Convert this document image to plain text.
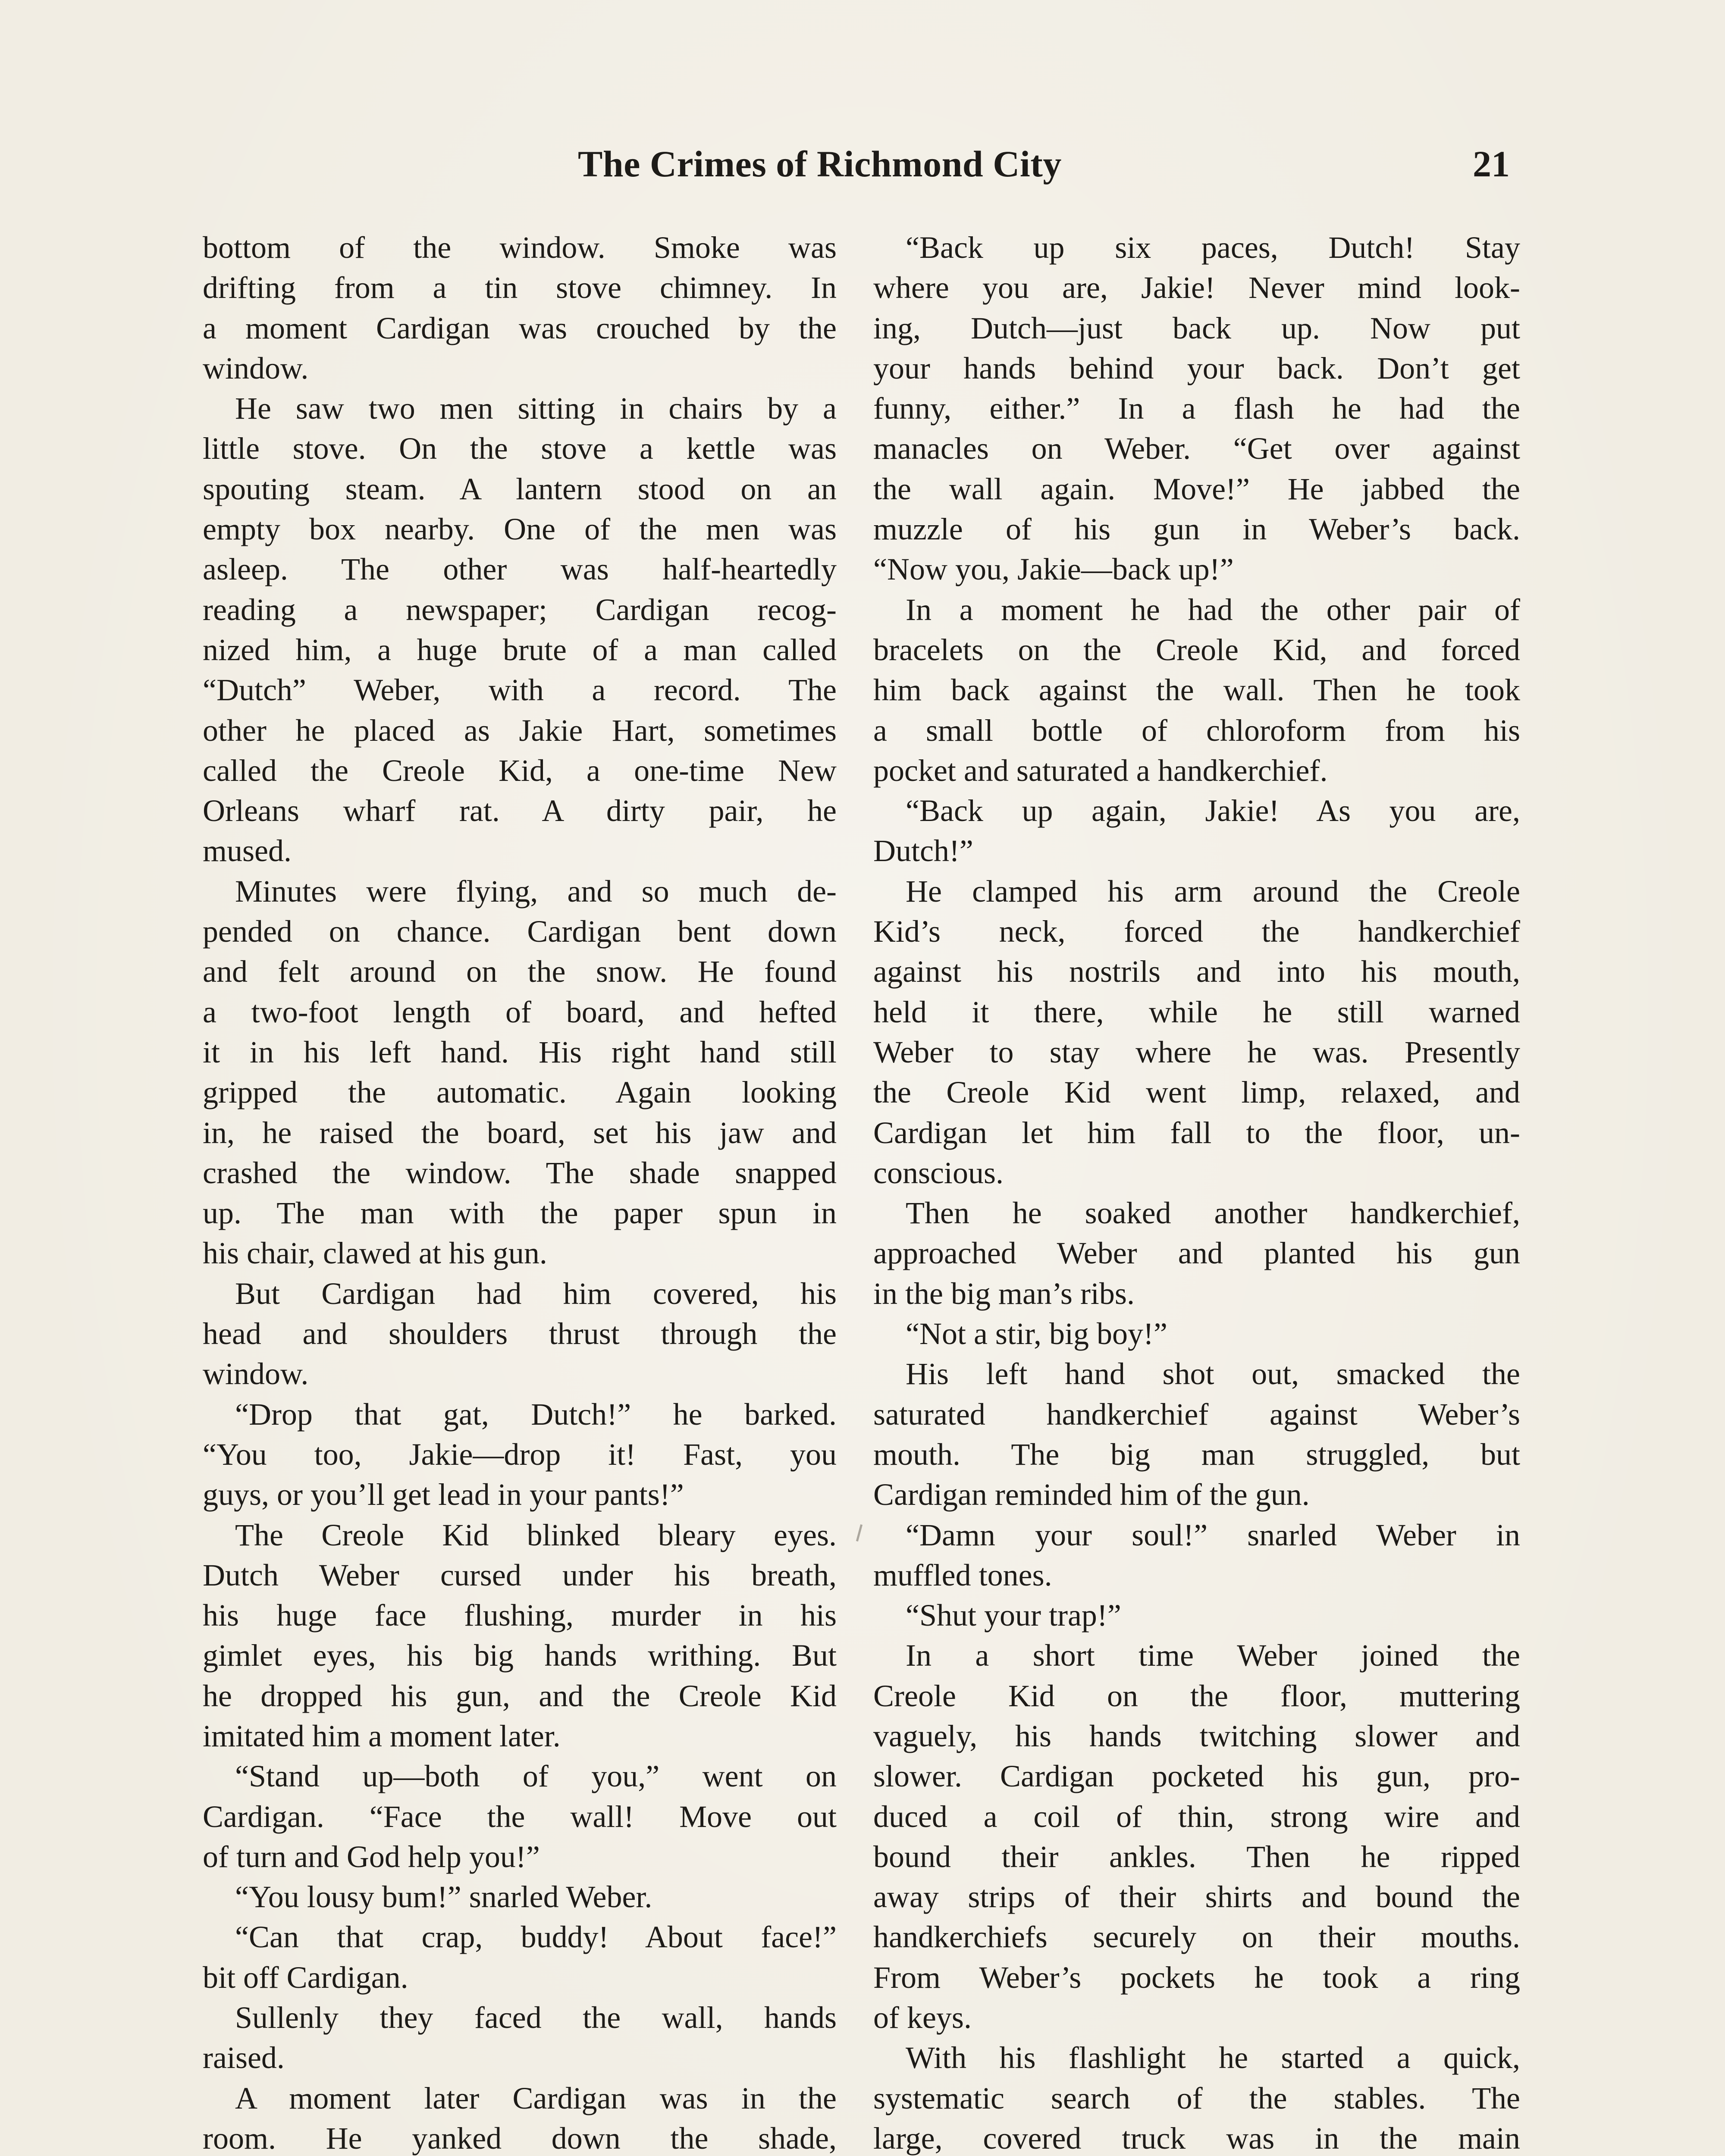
The Crimes of Richmond City	21
bottom of the window. Smoke was
drifting from a tin stove chimney. In
a moment Cardigan was crouched by the
window.
He saw two men sitting in chairs by a
little stove. On the stove a kettle was
spouting steam. A lantern stood on an
empty box nearby. One of the men was
asleep. The other was half-heartedly
reading a newspaper; Cardigan recog-
nized him, a huge brute of a man called
“Dutch” Weber, with a record. The
other he placed as Jakie Hart, sometimes
called the Creole Kid, a one-time New
Orleans wharf rat. A dirty pair, he
mused.
Minutes were flying, and so much de-
pended on chance. Cardigan bent down
and felt around on the snow. He found
a two-foot length of board, and hefted
it in his left hand. His right hand still
gripped the automatic. Again looking
in, he raised the board, set his jaw and
crashed the window. The shade snapped
up. The man with the paper spun in
his chair, clawed at his gun.
But Cardigan had him covered, his
head and shoulders thrust through the
window.
“Drop that gat, Dutch!” he barked.
“You too, Jakie—drop it! Fast, you
guys, or you’ll get lead in your pants!”
The Creole Kid blinked bleary eyes.
Dutch Weber cursed under his breath,
his huge face flushing, murder in his
gimlet eyes, his big hands writhing. But
he dropped his gun, and the Creole Kid
imitated him a moment later.
“Stand up—both of you,” went on
Cardigan. “Face the wall! Move out
of turn and God help you!”
“You lousy bum!” snarled Weber.
“Can that crap, buddy! About face!”
bit off Cardigan.
Sullenly they faced the wall, hands
raised.
A moment later Cardigan was in the
room. He yanked down the shade,
“Back up six paces, Dutch! Stay
where you are, Jakie! Never mind look-
ing, Dutch—just back up. Now put
your hands behind your back. Don’t get
funny, either.” In a flash he had the
manacles on Weber. “Get over against
the wall again. Move!” He jabbed the
muzzle of his gun in Weber’s back.
“Now you, Jakie—back up!”
In a moment he had the other pair of
bracelets on the Creole Kid, and forced
him back against the wall. Then he took
a small bottle of chloroform from his
pocket and saturated a handkerchief.
“Back up again, Jakie! As you are,
Dutch!”
He clamped his arm around the Creole
Kid’s neck, forced the handkerchief
against his nostrils and into his mouth,
held it there, while he still warned
Weber to stay where he was. Presently
the Creole Kid went limp, relaxed, and
Cardigan let him fall to the floor, un-
conscious.
Then he soaked another handkerchief,
approached Weber and planted his gun
in the big man’s ribs.
“Not a stir, big boy!”
His left hand shot out, smacked the
saturated handkerchief against Weber’s
mouth. The big man struggled, but
Cardigan reminded him of the gun.
“Damn your soul!” snarled Weber in
muffled tones.
“Shut your trap!”
In a short time Weber joined the
Creole Kid on the floor, muttering
vaguely, his hands twitching slower and
slower. Cardigan pocketed his gun, pro-
duced a coil of thin, strong wire and
bound their ankles. Then he ripped
away strips of their shirts and bound the
handkerchiefs securely on their mouths.
From Weber’s pockets he took a ring
of keys.
With his flashlight he started a quick,
systematic search of the stables. The
large, covered truck was in the main
